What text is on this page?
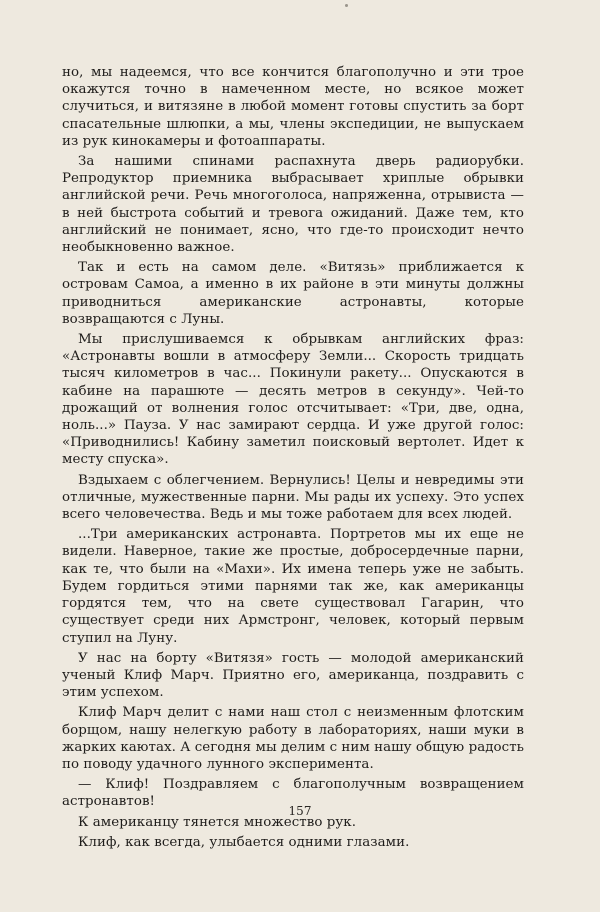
но, мы надеемся, что все кончится благополучно и эти трое окажутся точно в намеченном месте, но всякое может случиться, и витязяне в любой момент готовы спустить за борт спасательные шлюпки, а мы, члены экспедиции, не выпускаем из рук кинокамеры и фотоаппараты.

За нашими спинами распахнута дверь радиорубки. Репродуктор приемника выбрасывает хриплые обрывки английской речи. Речь многоголоса, напряженна, отрывиста — в ней быстрота событий и тревога ожиданий. Даже тем, кто английский не понимает, ясно, что где-то происходит нечто необыкновенно важное.

Так и есть на самом деле. «Витязь» приближается к островам Самоа, а именно в их районе в эти минуты должны приводниться американские астронавты, которые возвращаются с Луны.

Мы прислушиваемся к обрывкам английских фраз: «Астронавты вошли в атмосферу Земли... Скорость тридцать тысяч километров в час... Покинули ракету... Опускаются в кабине на парашюте — десять метров в секунду». Чей-то дрожащий от волнения голос отсчитывает: «Три, две, одна, ноль...» Пауза. У нас замирают сердца. И уже другой голос: «Приводнились! Кабину заметил поисковый вертолет. Идет к месту спуска».

Вздыхаем с облегчением. Вернулись! Целы и невредимы эти отличные, мужественные парни. Мы рады их успеху. Это успех всего человечества. Ведь и мы тоже работаем для всех людей.

...Три американских астронавта. Портретов мы их еще не видели. Наверное, такие же простые, добросердечные парни, как те, что были на «Махи». Их имена теперь уже не забыть. Будем гордиться этими парнями так же, как американцы гордятся тем, что на свете существовал Гагарин, что существует среди них Армстронг, человек, который первым ступил на Луну.

У нас на борту «Витязя» гость — молодой американский ученый Клиф Марч. Приятно его, американца, поздравить с этим успехом.

Клиф Марч делит с нами наш стол с неизменным флотским борщом, нашу нелегкую работу в лабораториях, наши муки в жарких каютах. А сегодня мы делим с ним нашу общую радость по поводу удачного лунного эксперимента.

— Клиф! Поздравляем с благополучным возвращением астронавтов!

К американцу тянется множество рук.

Клиф, как всегда, улыбается одними глазами.

157
